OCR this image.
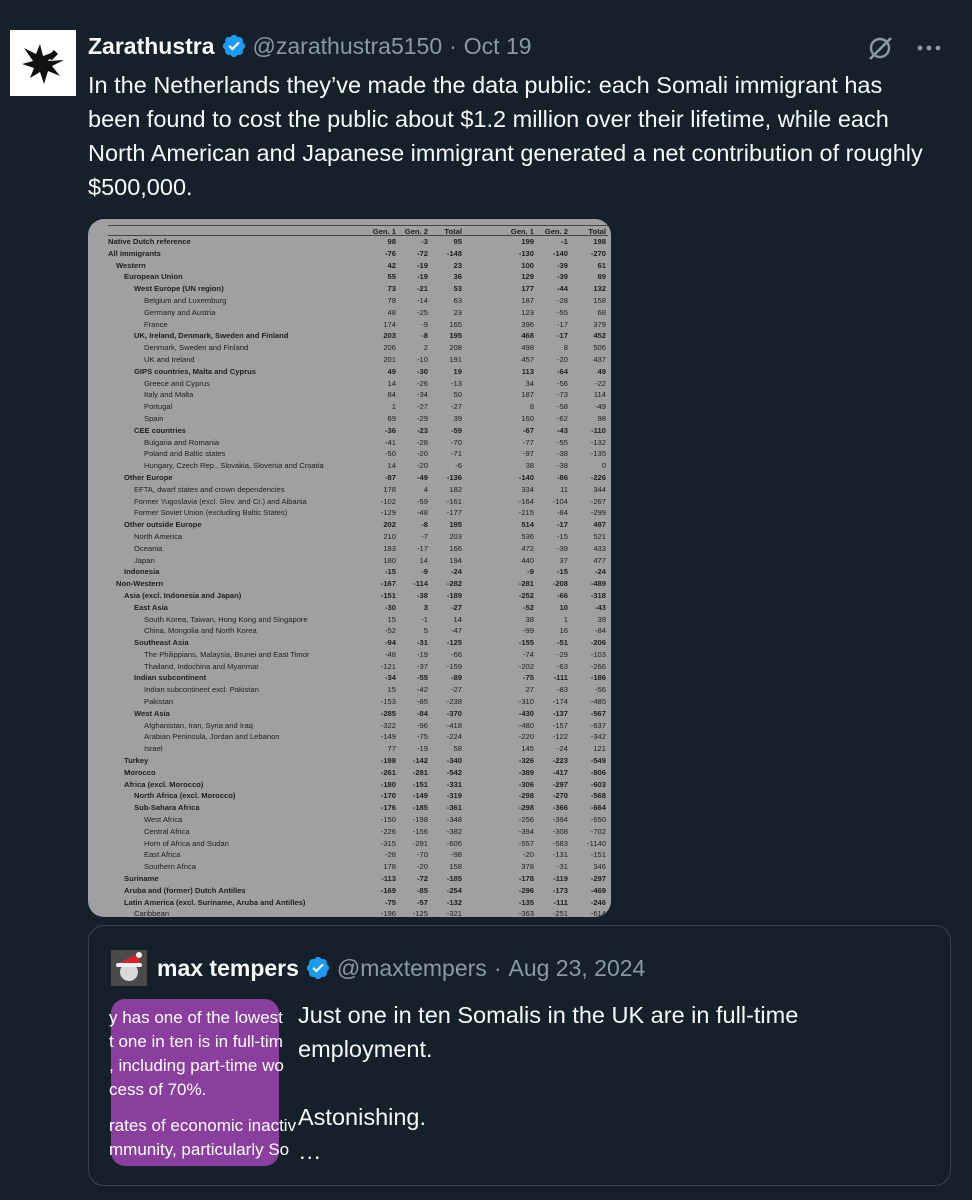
Zarathustra @zarathustra5150 · Oct 19
In the Netherlands they’ve made the data public: each Somali immigrant has been found to cost the public about $1.2 million over their lifetime, while each North American and Japanese immigrant generated a net contribution of roughly $500,000.
Gen. 1	Gen. 2	Total	Gen. 1	Gen. 2	Total
Native Dutch reference	98	-3	95	199	-1	198
All immigrants	-76	-72	-148	-130	-140	-270
Western	42	-19	23	100	-39	61
European Union	55	-19	36	129	-39	89
West Europe (UN region)	73	-21	53	177	-44	132
Belgium and Luxemburg	78	-14	63	187	-28	158
Germany and Austria	48	-25	23	123	-55	68
France	174	-9	165	396	-17	379
UK, Ireland, Denmark, Sweden and Finland	203	-8	195	468	-17	452
Denmark, Sweden and Finland	206	2	208	498	8	506
UK and Ireland	201	-10	191	457	-20	437
GIPS countries, Malta and Cyprus	49	-30	19	113	-64	49
Greece and Cyprus	14	-26	-13	34	-56	-22
Italy and Malta	84	-34	50	187	-73	114
Portugal	1	-27	-27	8	-58	-49
Spain	69	-29	39	160	-62	98
CEE countries	-36	-23	-59	-67	-43	-110
Bulgaria and Romania	-41	-28	-70	-77	-55	-132
Poland and Baltic states	-50	-20	-71	-97	-38	-135
Hungary, Czech Rep., Slovakia, Slovenia and Croatia	14	-20	-6	38	-38	0
Other Europe	-87	-49	-136	-140	-86	-226
EFTA, dwarf states and crown dependencies	178	4	182	334	11	344
Former Yugoslavia (excl. Slov. and Cr.) and Albania	-102	-59	-161	-164	-104	-267
Former Soviet Union (excluding Baltic States)	-129	-48	-177	-215	-84	-299
Other outside Europe	202	-8	195	514	-17	497
North America	210	-7	203	536	-15	521
Oceania	183	-17	166	472	-39	433
Japan	180	14	194	440	37	477
Indonesia	-15	-9	-24	-9	-15	-24
Non-Western	-167	-114	-282	-281	-208	-489
Asia (excl. Indonesia and Japan)	-151	-38	-189	-252	-66	-318
East Asia	-30	3	-27	-52	10	-43
South Korea, Taiwan, Hong Kong and Singapore	15	-1	14	38	1	39
China, Mongolia and North Korea	-52	5	-47	-99	16	-84
Southeast Asia	-94	-31	-125	-155	-51	-206
The Philippians, Malaysia, Brunei and East Timor	-48	-19	-66	-74	-29	-103
Thailand, Indochina and Myanmar	-121	-37	-159	-202	-63	-266
Indian subcontinent	-34	-55	-89	-75	-111	-186
Indian subcontinent excl. Pakistan	15	-42	-27	27	-83	-56
Pakistan	-153	-85	-238	-310	-174	-485
West Asia	-285	-84	-370	-430	-137	-567
Afghanistan, Iran, Syria and Iraq	-322	-96	-418	-480	-157	-637
Arabian Peninsula, Jordan and Lebanon	-149	-75	-224	-220	-122	-342
Israel	77	-19	58	145	-24	121
Turkey	-198	-142	-340	-326	-223	-549
Morocco	-261	-281	-542	-389	-417	-806
Africa (excl. Morocco)	-180	-151	-331	-306	-297	-603
North Africa (excl. Morocco)	-170	-149	-319	-298	-270	-568
Sub-Sahara Africa	-176	-185	-361	-298	-366	-664
West Africa	-150	-198	-348	-256	-394	-650
Central Africa	-226	-156	-382	-394	-308	-702
Horn of Africa and Sudan	-315	-291	-606	-557	-583	-1140
East Africa	-28	-70	-98	-20	-131	-151
Southern Africa	178	-20	158	378	-31	346
Suriname	-113	-72	-185	-178	-119	-297
Aruba and (former) Dutch Antilles	-169	-85	-254	-296	-173	-469
Latin America (excl. Suriname, Aruba and Antilles)	-75	-57	-132	-135	-111	-246
Caribbean	-196	-125	-321	-363	-251	-614
max tempers @maxtempers · Aug 23, 2024
y has one of the lowest
t one in ten is in full-tim
, including part-time wo
cess of 70%.
rates of economic inactiv
mmunity, particularly So

Just one in ten Somalis in the UK are in full-time employment.

Astonishing.

…
